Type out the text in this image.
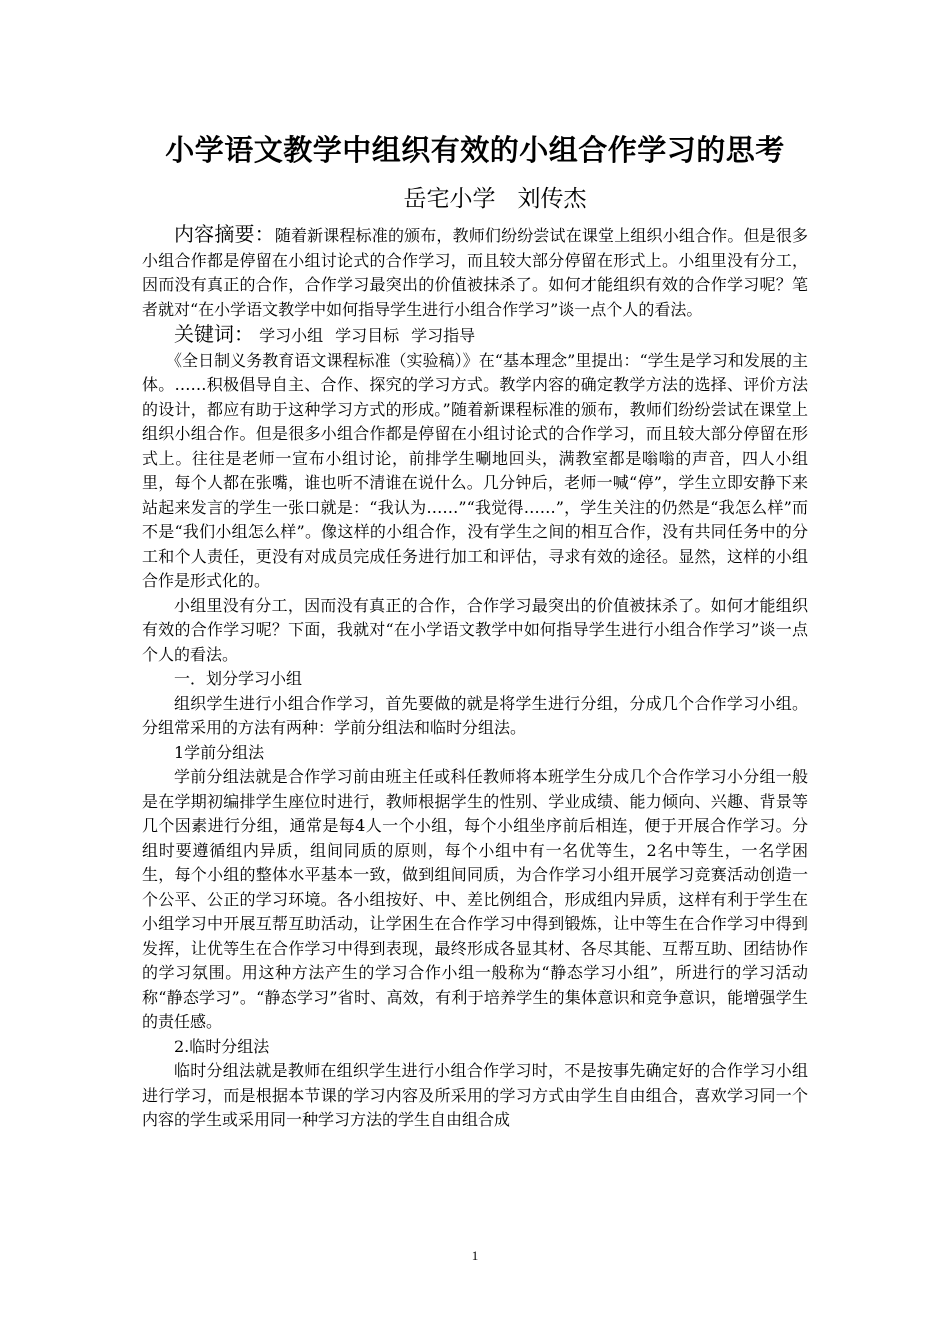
小学语文教学中组织有效的小组合作学习的思考
岳宅小学 刘传杰

内容摘要：随着新课程标准的颁布，教师们纷纷尝试在课堂上组织小组合作。但是很多小组合作都是停留在小组讨论式的合作学习，而且较大部分停留在形式上。小组里没有分工，因而没有真正的合作，合作学习最突出的价值被抹杀了。如何才能组织有效的合作学习呢？笔者就对“在小学语文教学中如何指导学生进行小组合作学习”谈一点个人的看法。

关键词： 学习小组 学习目标 学习指导

《全日制义务教育语文课程标准（实验稿）》在“基本理念”里提出：“学生是学习和发展的主体。……积极倡导自主、合作、探究的学习方式。教学内容的确定教学方法的选择、评价方法的设计，都应有助于这种学习方式的形成。”随着新课程标准的颁布，教师们纷纷尝试在课堂上组织小组合作。但是很多小组合作都是停留在小组讨论式的合作学习，而且较大部分停留在形式上。往往是老师一宣布小组讨论，前排学生唰地回头，满教室都是嗡嗡的声音，四人小组里，每个人都在张嘴，谁也听不清谁在说什么。几分钟后，老师一喊“停”，学生立即安静下来站起来发言的学生一张口就是：“我认为……”“我觉得……”，学生关注的仍然是“我怎么样”而不是“我们小组怎么样”。像这样的小组合作，没有学生之间的相互合作，没有共同任务中的分工和个人责任，更没有对成员完成任务进行加工和评估，寻求有效的途径。显然，这样的小组合作是形式化的。

小组里没有分工，因而没有真正的合作，合作学习最突出的价值被抹杀了。如何才能组织有效的合作学习呢？下面，我就对“在小学语文教学中如何指导学生进行小组合作学习”谈一点个人的看法。

一．划分学习小组

组织学生进行小组合作学习，首先要做的就是将学生进行分组，分成几个合作学习小组。分组常采用的方法有两种：学前分组法和临时分组法。

1学前分组法

学前分组法就是合作学习前由班主任或科任教师将本班学生分成几个合作学习小分组一般是在学期初编排学生座位时进行，教师根据学生的性别、学业成绩、能力倾向、兴趣、背景等几个因素进行分组，通常是每4人一个小组，每个小组坐序前后相连，便于开展合作学习。分组时要遵循组内异质，组间同质的原则，每个小组中有一名优等生，2名中等生，一名学困生，每个小组的整体水平基本一致，做到组间同质，为合作学习小组开展学习竞赛活动创造一个公平、公正的学习环境。各小组按好、中、差比例组合，形成组内异质，这样有利于学生在小组学习中开展互帮互助活动，让学困生在合作学习中得到锻炼，让中等生在合作学习中得到发挥，让优等生在合作学习中得到表现，最终形成各显其材、各尽其能、互帮互助、团结协作的学习氛围。用这种方法产生的学习合作小组一般称为“静态学习小组”，所进行的学习活动称“静态学习”。“静态学习”省时、高效，有利于培养学生的集体意识和竞争意识，能增强学生的责任感。

2.临时分组法

临时分组法就是教师在组织学生进行小组合作学习时，不是按事先确定好的合作学习小组进行学习，而是根据本节课的学习内容及所采用的学习方式由学生自由组合，喜欢学习同一个内容的学生或采用同一种学习方法的学生自由组合成

1
